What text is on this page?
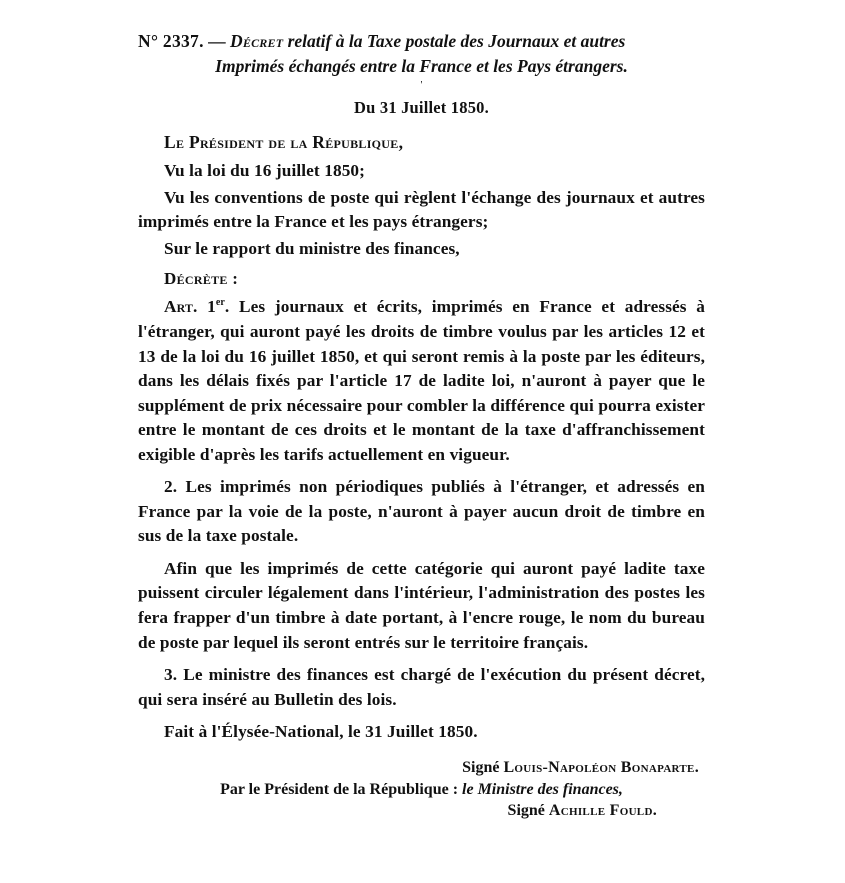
N° 2337. — Décret relatif à la Taxe postale des Journaux et autres
Imprimés échangés entre la France et les Pays étrangers.
'
Du 31 Juillet 1850.
Le Président de la République,

Vu la loi du 16 juillet 1850;

Vu les conventions de poste qui règlent l'échange des journaux et autres imprimés entre la France et les pays étrangers;

Sur le rapport du ministre des finances,

Décrète :

Art. 1er. Les journaux et écrits, imprimés en France et adressés à l'étranger, qui auront payé les droits de timbre voulus par les articles 12 et 13 de la loi du 16 juillet 1850, et qui seront remis à la poste par les éditeurs, dans les délais fixés par l'article 17 de ladite loi, n'auront à payer que le supplément de prix nécessaire pour combler la différence qui pourra exister entre le montant de ces droits et le montant de la taxe d'affranchissement exigible d'après les tarifs actuellement en vigueur.

2. Les imprimés non périodiques publiés à l'étranger, et adressés en France par la voie de la poste, n'auront à payer aucun droit de timbre en sus de la taxe postale.

Afin que les imprimés de cette catégorie qui auront payé ladite taxe puissent circuler légalement dans l'intérieur, l'administration des postes les fera frapper d'un timbre à date portant, à l'encre rouge, le nom du bureau de poste par lequel ils seront entrés sur le territoire français.

3. Le ministre des finances est chargé de l'exécution du présent décret, qui sera inséré au Bulletin des lois.

Fait à l'Élysée-National, le 31 Juillet 1850.

Signé Louis-Napoléon Bonaparte.

Par le Président de la République : le Ministre des finances,

Signé Achille Fould.
